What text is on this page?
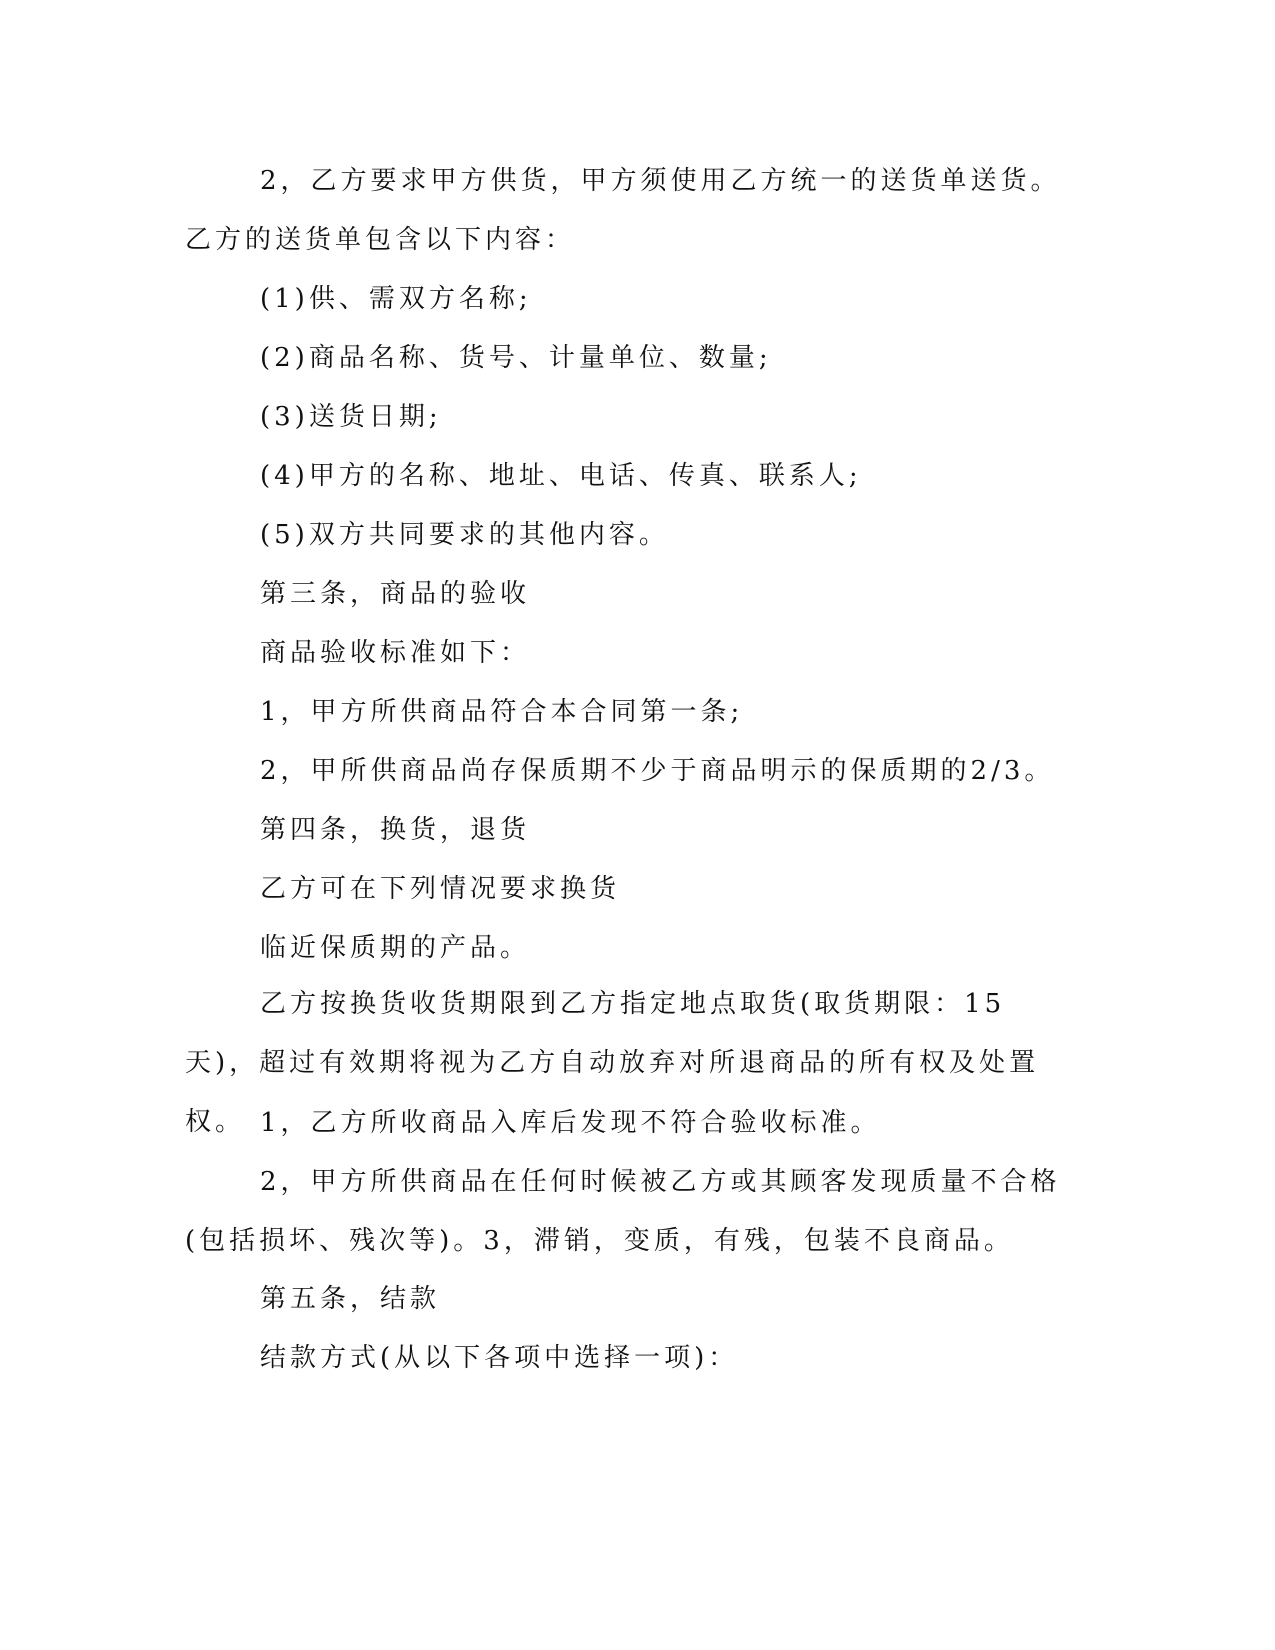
2，乙方要求甲方供货，甲方须使用乙方统一的送货单送货。乙方的送货单包含以下内容：

(1)供、需双方名称;

(2)商品名称、货号、计量单位、数量;

(3)送货日期;

(4)甲方的名称、地址、电话、传真、联系人;

(5)双方共同要求的其他内容。

第三条，商品的验收

商品验收标准如下：

1，甲方所供商品符合本合同第一条;

2，甲所供商品尚存保质期不少于商品明示的保质期的2/3。

第四条，换货，退货

乙方可在下列情况要求换货

临近保质期的产品。

乙方按换货收货期限到乙方指定地点取货(取货期限：15天)，超过有效期将视为乙方自动放弃对所退商品的所有权及处置权。 1，乙方所收商品入库后发现不符合验收标准。

2，甲方所供商品在任何时候被乙方或其顾客发现质量不合格(包括损坏、残次等)。3，滞销，变质，有残，包装不良商品。

第五条，结款

结款方式(从以下各项中选择一项)：
